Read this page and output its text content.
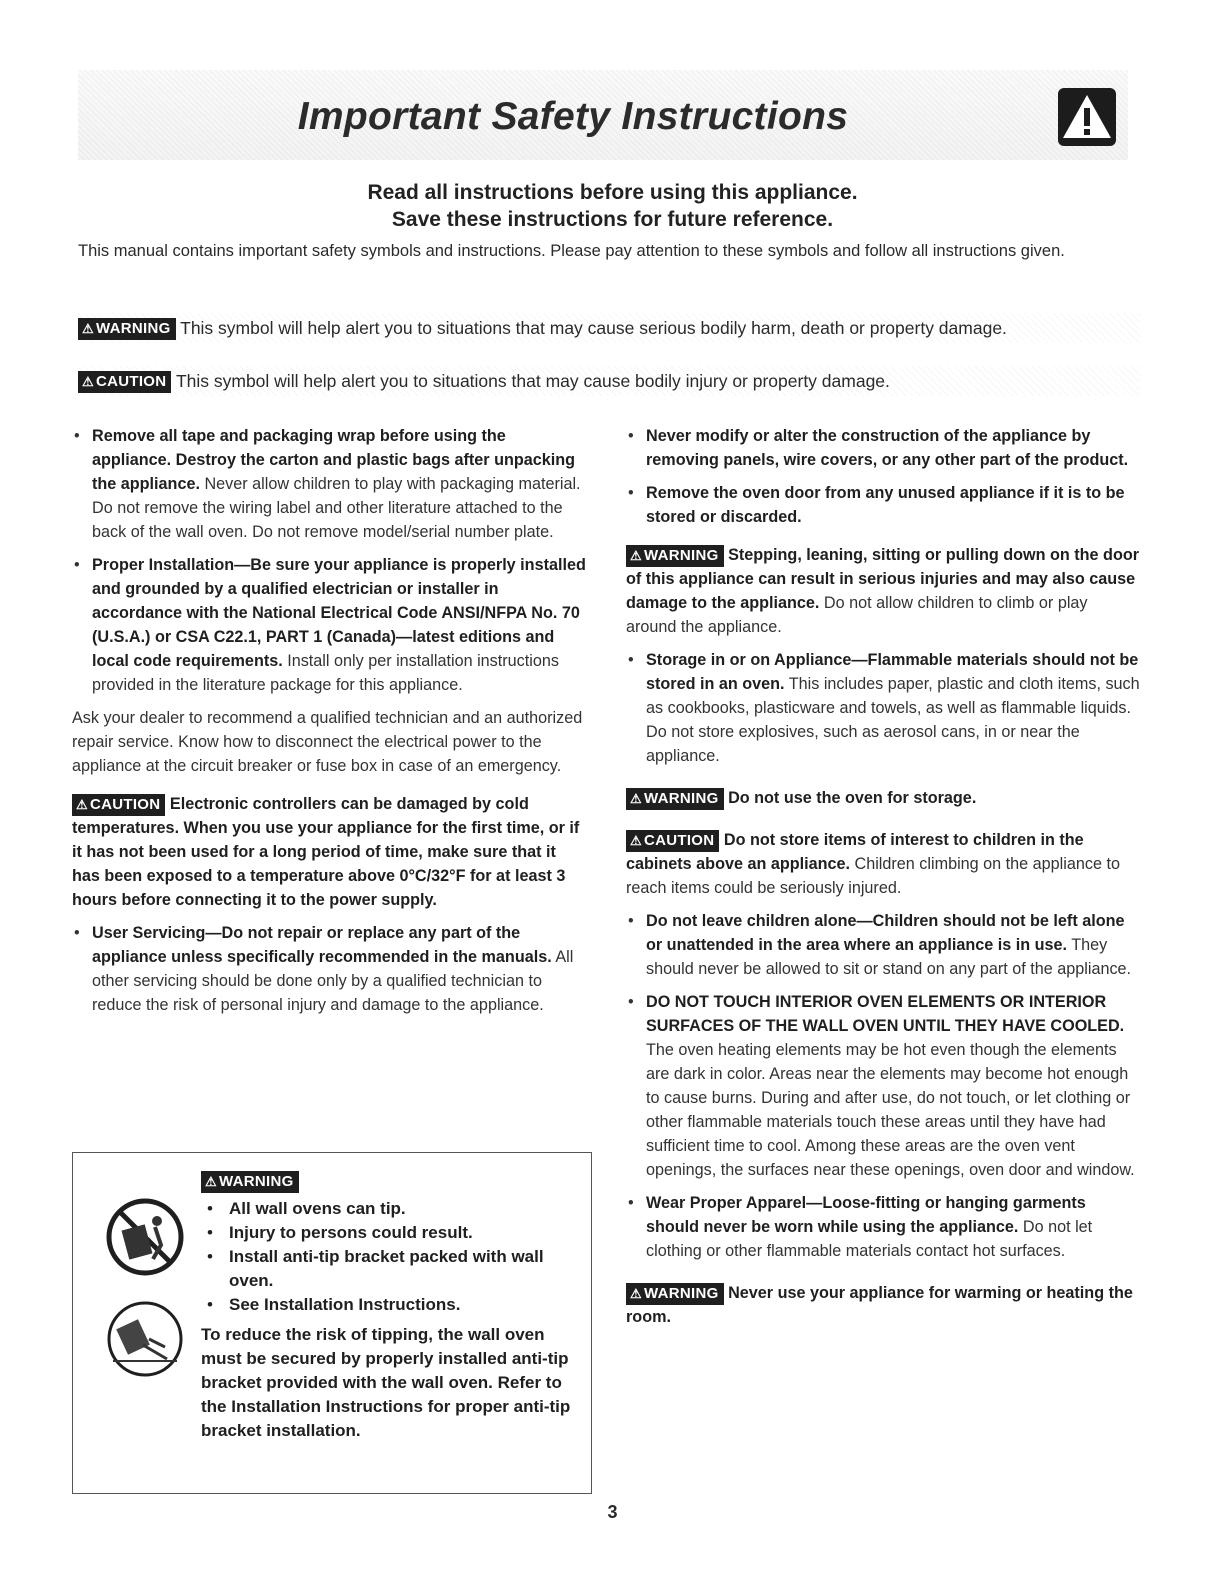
Important Safety Instructions
Read all instructions before using this appliance.
Save these instructions for future reference.
This manual contains important safety symbols and instructions. Please pay attention to these symbols and follow all instructions given.
⚠ WARNING This symbol will help alert you to situations that may cause serious bodily harm, death or property damage.
⚠ CAUTION This symbol will help alert you to situations that may cause bodily injury or property damage.

• Remove all tape and packaging wrap before using the appliance. Destroy the carton and plastic bags after unpacking the appliance. Never allow children to play with packaging material. Do not remove the wiring label and other literature attached to the back of the wall oven. Do not remove model/serial number plate.

• Proper Installation—Be sure your appliance is properly installed and grounded by a qualified electrician or installer in accordance with the National Electrical Code ANSI/NFPA No. 70 (U.S.A.) or CSA C22.1, PART 1 (Canada)—latest editions and local code requirements. Install only per installation instructions provided in the literature package for this appliance.

Ask your dealer to recommend a qualified technician and an authorized repair service. Know how to disconnect the electrical power to the appliance at the circuit breaker or fuse box in case of an emergency.

⚠ CAUTION Electronic controllers can be damaged by cold temperatures. When you use your appliance for the first time, or if it has not been used for a long period of time, make sure that it has been exposed to a temperature above 0°C/32°F for at least 3 hours before connecting it to the power supply.

• User Servicing—Do not repair or replace any part of the appliance unless specifically recommended in the manuals. All other servicing should be done only by a qualified technician to reduce the risk of personal injury and damage to the appliance.

⚠ WARNING
• All wall ovens can tip.
• Injury to persons could result.
• Install anti-tip bracket packed with wall oven.
• See Installation Instructions.
To reduce the risk of tipping, the wall oven must be secured by properly installed anti-tip bracket provided with the wall oven. Refer to the Installation Instructions for proper anti-tip bracket installation.

• Never modify or alter the construction of the appliance by removing panels, wire covers, or any other part of the product.

• Remove the oven door from any unused appliance if it is to be stored or discarded.

⚠ WARNING Stepping, leaning, sitting or pulling down on the door of this appliance can result in serious injuries and may also cause damage to the appliance. Do not allow children to climb or play around the appliance.

• Storage in or on Appliance—Flammable materials should not be stored in an oven. This includes paper, plastic and cloth items, such as cookbooks, plasticware and towels, as well as flammable liquids. Do not store explosives, such as aerosol cans, in or near the appliance.

⚠ WARNING Do not use the oven for storage.

⚠ CAUTION Do not store items of interest to children in the cabinets above an appliance. Children climbing on the appliance to reach items could be seriously injured.

• Do not leave children alone—Children should not be left alone or unattended in the area where an appliance is in use. They should never be allowed to sit or stand on any part of the appliance.

• DO NOT TOUCH INTERIOR OVEN ELEMENTS OR INTERIOR SURFACES OF THE WALL OVEN UNTIL THEY HAVE COOLED. The oven heating elements may be hot even though the elements are dark in color. Areas near the elements may become hot enough to cause burns. During and after use, do not touch, or let clothing or other flammable materials touch these areas until they have had sufficient time to cool. Among these areas are the oven vent openings, the surfaces near these openings, oven door and window.

• Wear Proper Apparel—Loose-fitting or hanging garments should never be worn while using the appliance. Do not let clothing or other flammable materials contact hot surfaces.

⚠ WARNING Never use your appliance for warming or heating the room.

3
